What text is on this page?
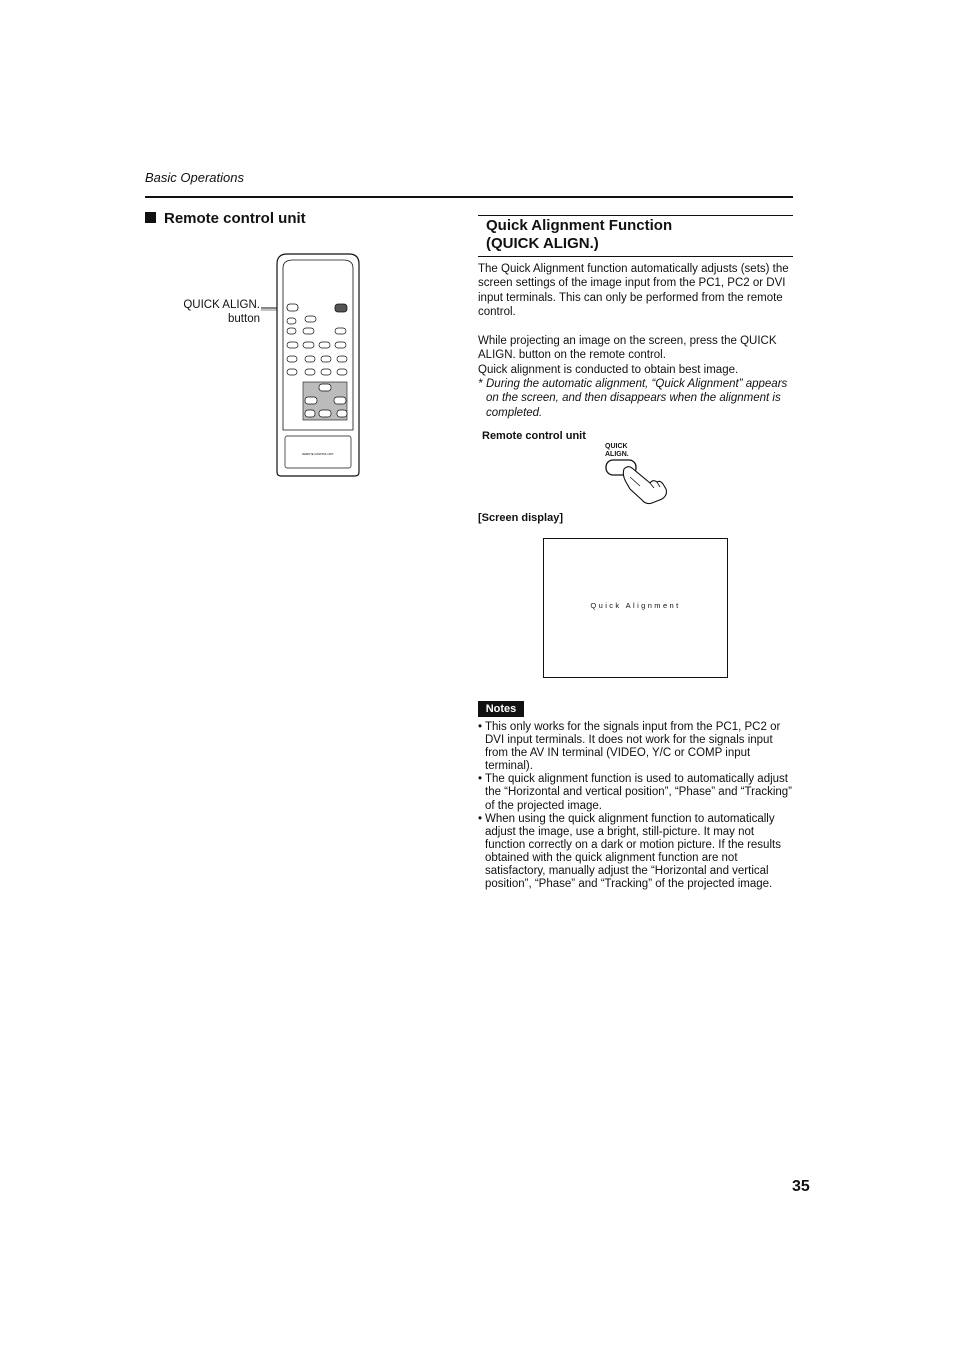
Basic Operations
Remote control unit
QUICK ALIGN. button
REMOTE CONTROL UNIT
Quick Alignment Function
(QUICK ALIGN.)
The Quick Alignment function automatically adjusts (sets) the screen settings of the image input from the PC1, PC2 or DVI input terminals. This can only be performed from the remote control.
While projecting an image on the screen, press the QUICK ALIGN. button on the remote control.
Quick alignment is conducted to obtain best image.
* During the automatic alignment, “Quick Alignment” appears on the screen, and then disappears when the alignment is completed.
Remote control unit
QUICK ALIGN.
[Screen display]
Quick Alignment
Notes
• This only works for the signals input from the PC1, PC2 or DVI input terminals. It does not work for the signals input from the AV IN terminal (VIDEO, Y/C or COMP input terminal).
• The quick alignment function is used to automatically adjust the “Horizontal and vertical position”, “Phase” and “Tracking” of the projected image.
• When using the quick alignment function to automatically adjust the image, use a bright, still-picture. It may not function correctly on a dark or motion picture. If the results obtained with the quick alignment function are not satisfactory, manually adjust the “Horizontal and vertical position”, “Phase” and “Tracking” of the projected image.
35
